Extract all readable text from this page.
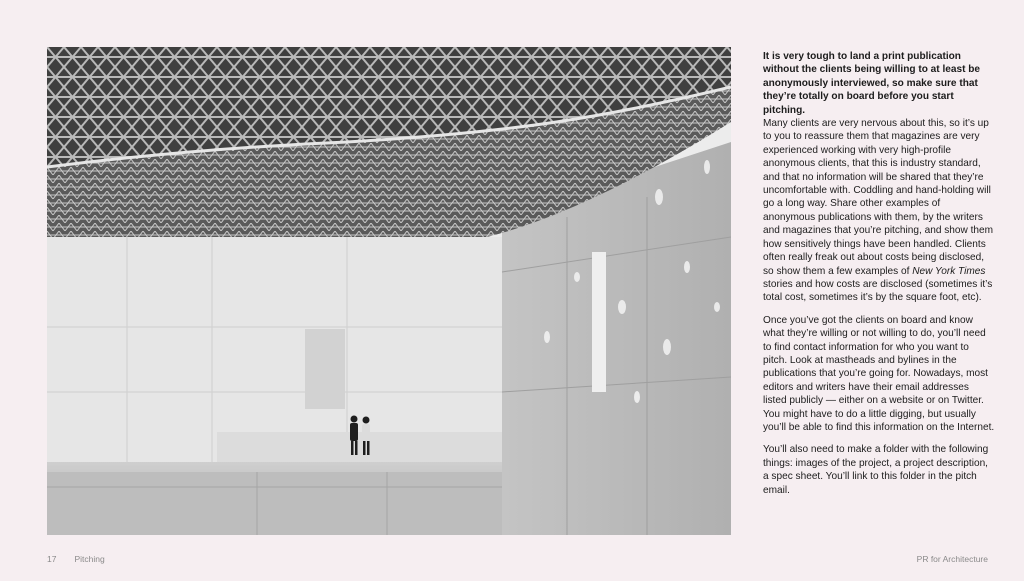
It is very tough to land a print publication without the clients being willing to at least be anonymously interviewed, so make sure that they’re totally on board before you start pitching.
Many clients are very nervous about this, so it’s up to you to reassure them that magazines are very experienced working with very high-profile anonymous clients, that this is industry standard, and that no information will be shared that they’re uncomfortable with. Coddling and hand-holding will go a long way. Share other examples of anonymous publications with them, by the writers and magazines that you’re pitching, and show them how sensitively things have been handled. Clients often really freak out about costs being disclosed, so show them a few examples of New York Times stories and how costs are disclosed (sometimes it’s total cost, sometimes it’s by the square foot, etc).

Once you’ve got the clients on board and know what they’re willing or not willing to do, you’ll need to find contact information for who you want to pitch. Look at mastheads and bylines in the publications that you’re going for. Nowadays, most editors and writers have their email addresses listed publicly — either on a website or on Twitter. You might have to do a little digging, but usually you’ll be able to find this information on the Internet.

You’ll also need to make a folder with the following things: images of the project, a project description, a spec sheet. You’ll link to this folder in the pitch email.

17 Pitching	PR for Architecture
